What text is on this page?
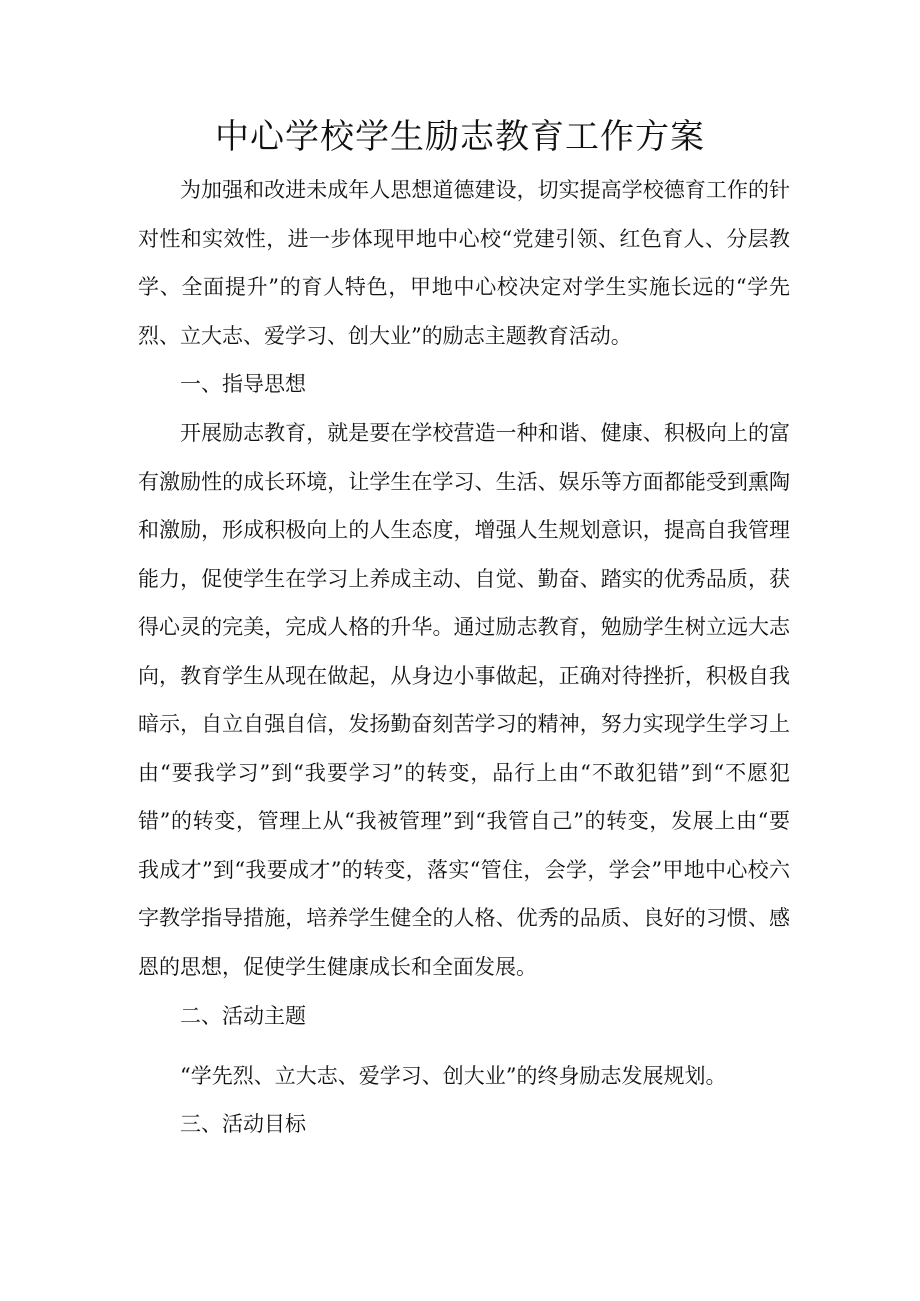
中心学校学生励志教育工作方案

为加强和改进未成年人思想道德建设，切实提高学校德育工作的针对性和实效性，进一步体现甲地中心校“党建引领、红色育人、分层教学、全面提升”的育人特色，甲地中心校决定对学生实施长远的“学先烈、立大志、爱学习、创大业”的励志主题教育活动。

一、指导思想

开展励志教育，就是要在学校营造一种和谐、健康、积极向上的富有激励性的成长环境，让学生在学习、生活、娱乐等方面都能受到熏陶和激励，形成积极向上的人生态度，增强人生规划意识，提高自我管理能力，促使学生在学习上养成主动、自觉、勤奋、踏实的优秀品质，获得心灵的完美，完成人格的升华。通过励志教育，勉励学生树立远大志向，教育学生从现在做起，从身边小事做起，正确对待挫折，积极自我暗示，自立自强自信，发扬勤奋刻苦学习的精神，努力实现学生学习上由“要我学习”到“我要学习”的转变，品行上由“不敢犯错”到“不愿犯错”的转变，管理上从“我被管理”到“我管自己”的转变，发展上由“要我成才”到“我要成才”的转变，落实“管住，会学，学会”甲地中心校六字教学指导措施，培养学生健全的人格、优秀的品质、良好的习惯、感恩的思想，促使学生健康成长和全面发展。

二、活动主题

“学先烈、立大志、爱学习、创大业”的终身励志发展规划。

三、活动目标
